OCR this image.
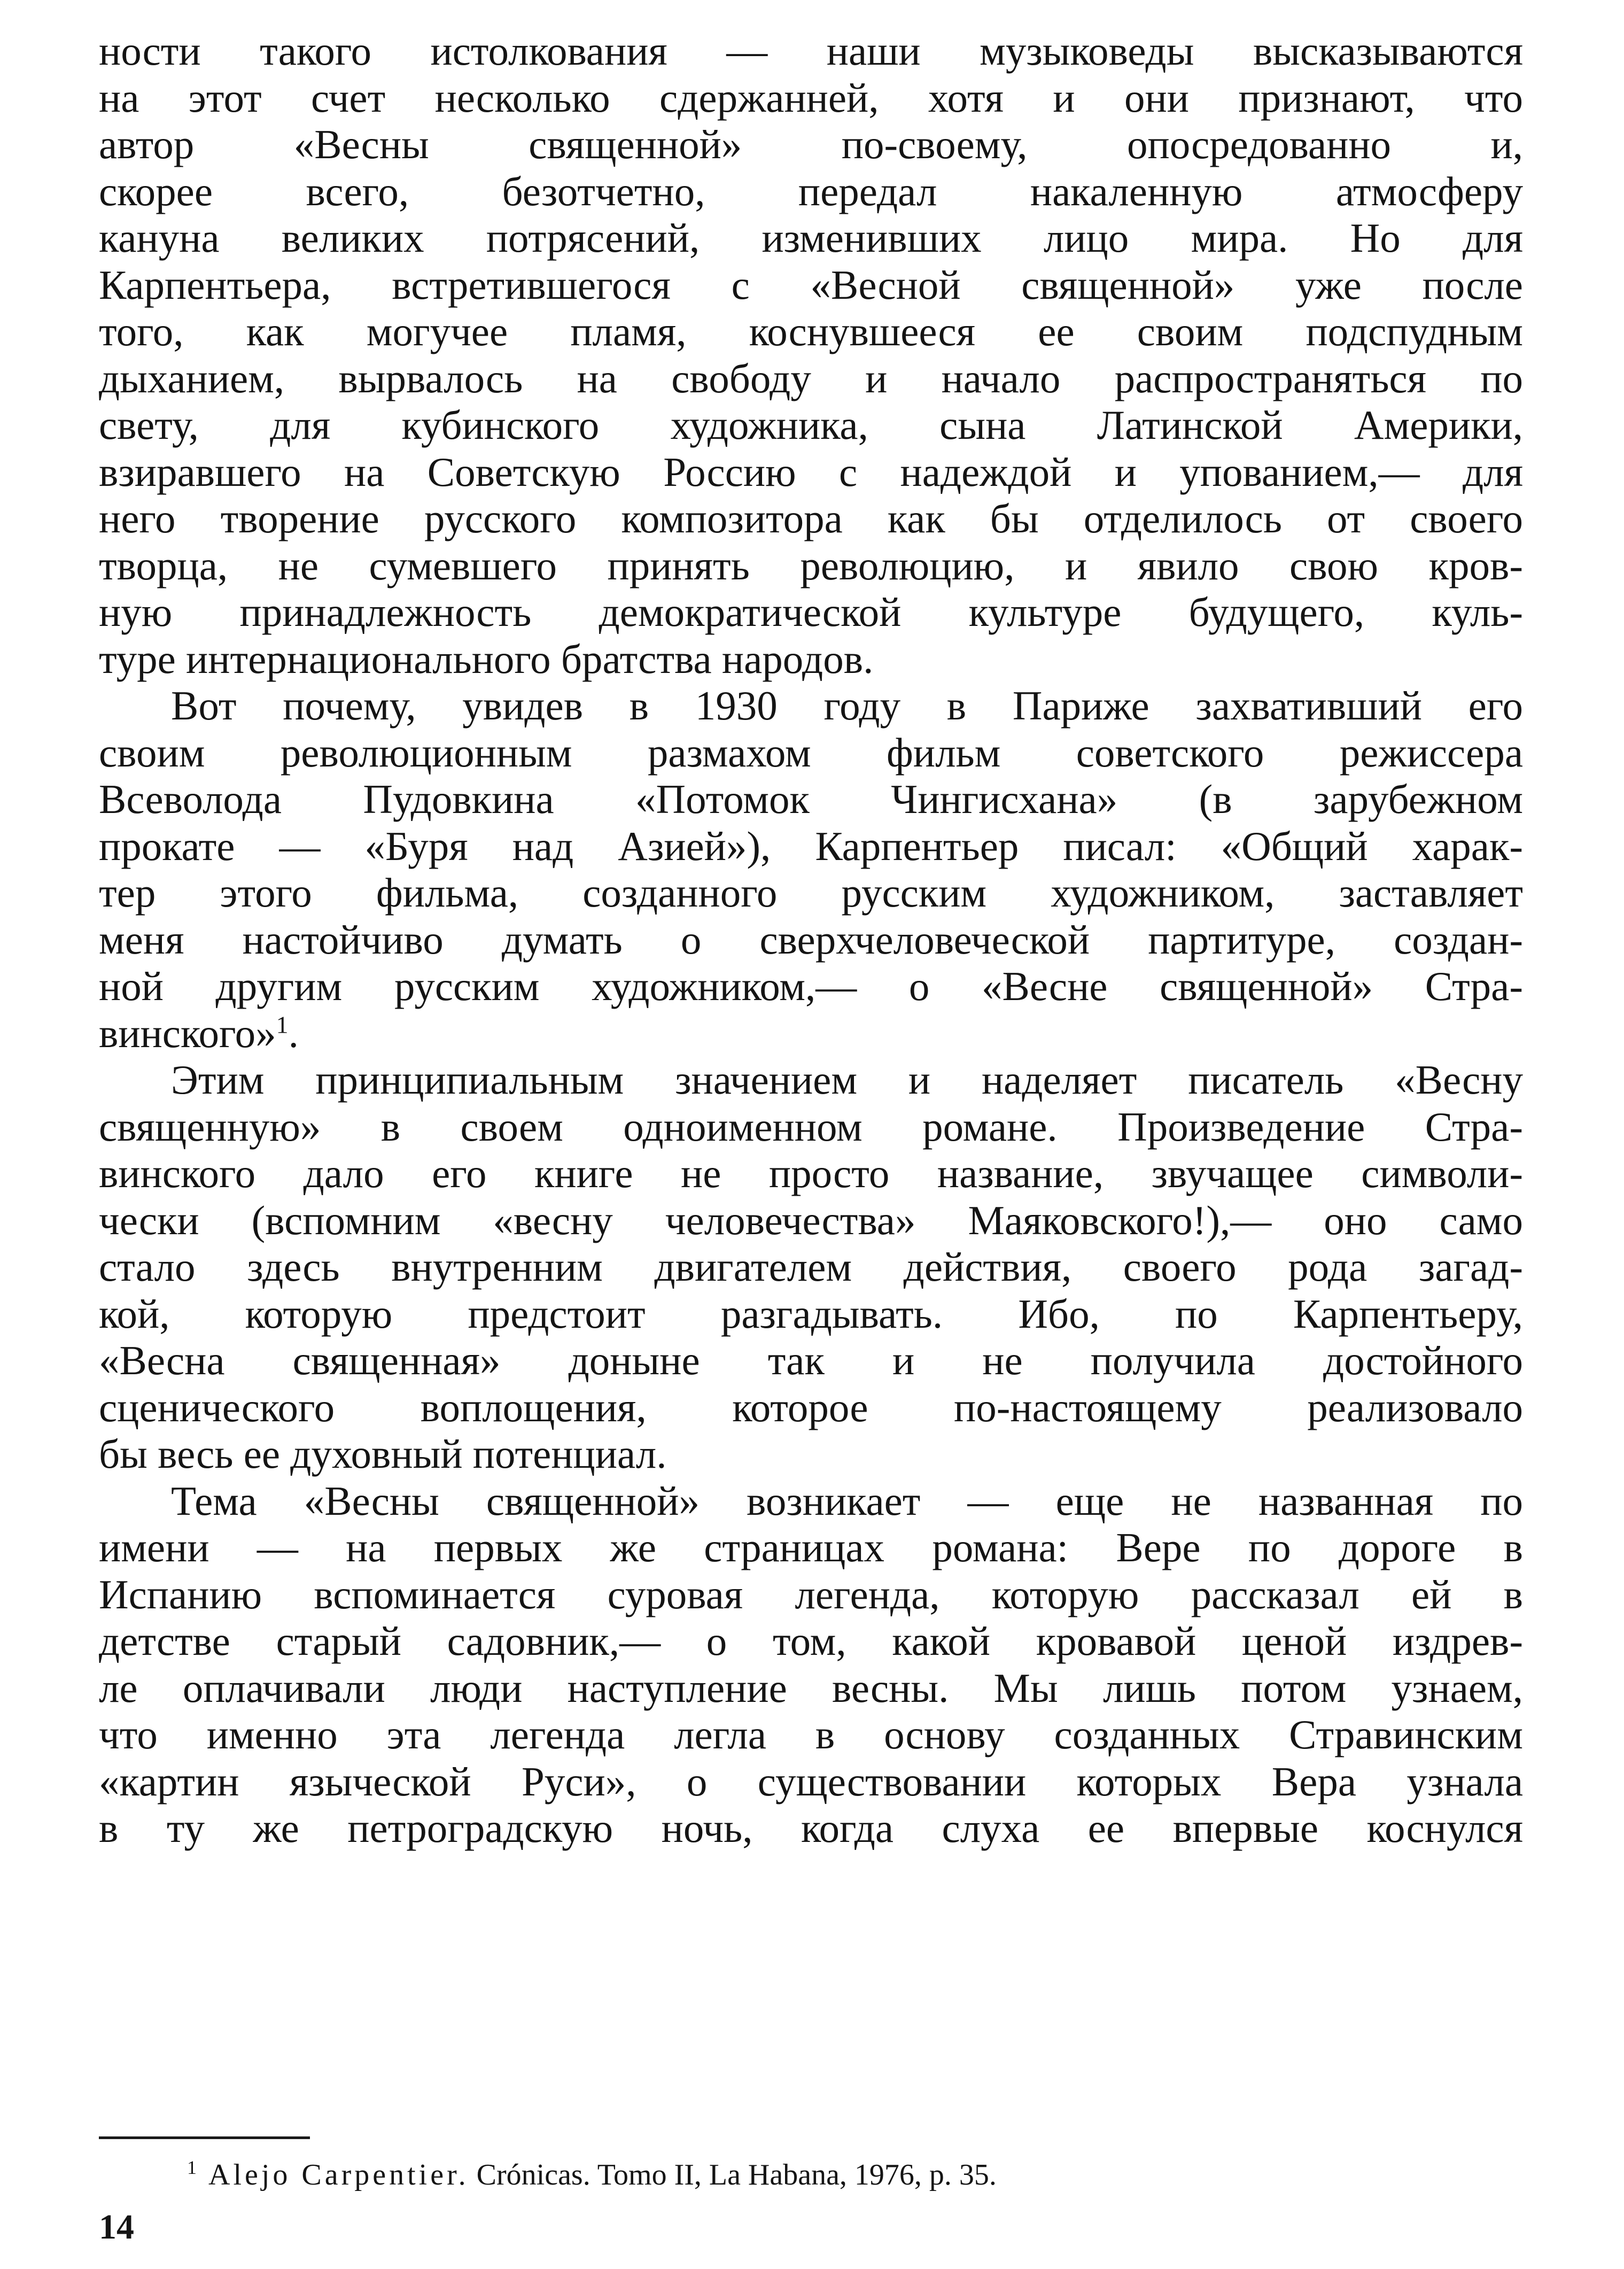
ности такого истолкования — наши музыковеды высказываются
на этот счет несколько сдержанней, хотя и они признают, что
автор «Весны священной» по-своему, опосредованно и,
скорее всего, безотчетно, передал накаленную атмосферу
кануна великих потрясений, изменивших лицо мира. Но для
Карпентьера, встретившегося с «Весной священной» уже после
того, как могучее пламя, коснувшееся ее своим подспудным
дыханием, вырвалось на свободу и начало распространяться по
свету, для кубинского художника, сына Латинской Америки,
взиравшего на Советскую Россию с надеждой и упованием,— для
него творение русского композитора как бы отделилось от своего
творца, не сумевшего принять революцию, и явило свою кров-
ную принадлежность демократической культуре будущего, куль-
туре интернационального братства народов.
Вот почему, увидев в 1930 году в Париже захвативший его
своим революционным размахом фильм советского режиссера
Всеволода Пудовкина «Потомок Чингисхана» (в зарубежном
прокате — «Буря над Азией»), Карпентьер писал: «Общий харак-
тер этого фильма, созданного русским художником, заставляет
меня настойчиво думать о сверхчеловеческой партитуре, создан-
ной другим русским художником,— о «Весне священной» Стра-
винского»$^1$.
Этим принципиальным значением и наделяет писатель «Весну
священную» в своем одноименном романе. Произведение Стра-
винского дало его книге не просто название, звучащее символи-
чески (вспомним «весну человечества» Маяковского!),— оно само
стало здесь внутренним двигателем действия, своего рода загад-
кой, которую предстоит разгадывать. Ибо, по Карпентьеру,
«Весна священная» доныне так и не получила достойного
сценического воплощения, которое по-настоящему реализовало
бы весь ее духовный потенциал.
Тема «Весны священной» возникает — еще не названная по
имени — на первых же страницах романа: Вере по дороге в
Испанию вспоминается суровая легенда, которую рассказал ей в
детстве старый садовник,— о том, какой кровавой ценой издрев-
ле оплачивали люди наступление весны. Мы лишь потом узнаем,
что именно эта легенда легла в основу созданных Стравинским
«картин языческой Руси», о существовании которых Вера узнала
в ту же петроградскую ночь, когда слуха ее впервые коснулся
$^1$ Alejo Carpentier. Crónicas. Tomo II, La Habana, 1976, p. 35.
14
